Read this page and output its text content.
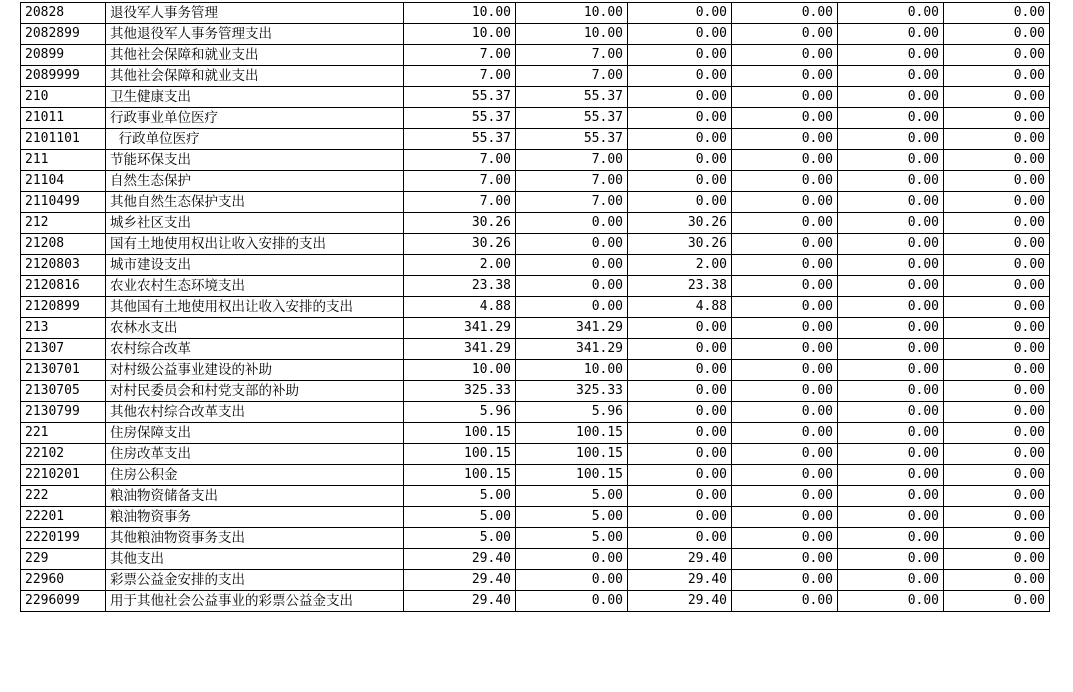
20828	退役军人事务管理	10.00	10.00	0.00	0.00	0.00	0.00
2082899	其他退役军人事务管理支出	10.00	10.00	0.00	0.00	0.00	0.00
20899	其他社会保障和就业支出	7.00	7.00	0.00	0.00	0.00	0.00
2089999	其他社会保障和就业支出	7.00	7.00	0.00	0.00	0.00	0.00
210	卫生健康支出	55.37	55.37	0.00	0.00	0.00	0.00
21011	行政事业单位医疗	55.37	55.37	0.00	0.00	0.00	0.00
2101101	行政单位医疗	55.37	55.37	0.00	0.00	0.00	0.00
211	节能环保支出	7.00	7.00	0.00	0.00	0.00	0.00
21104	自然生态保护	7.00	7.00	0.00	0.00	0.00	0.00
2110499	其他自然生态保护支出	7.00	7.00	0.00	0.00	0.00	0.00
212	城乡社区支出	30.26	0.00	30.26	0.00	0.00	0.00
21208	国有土地使用权出让收入安排的支出	30.26	0.00	30.26	0.00	0.00	0.00
2120803	城市建设支出	2.00	0.00	2.00	0.00	0.00	0.00
2120816	农业农村生态环境支出	23.38	0.00	23.38	0.00	0.00	0.00
2120899	其他国有土地使用权出让收入安排的支出	4.88	0.00	4.88	0.00	0.00	0.00
213	农林水支出	341.29	341.29	0.00	0.00	0.00	0.00
21307	农村综合改革	341.29	341.29	0.00	0.00	0.00	0.00
2130701	对村级公益事业建设的补助	10.00	10.00	0.00	0.00	0.00	0.00
2130705	对村民委员会和村党支部的补助	325.33	325.33	0.00	0.00	0.00	0.00
2130799	其他农村综合改革支出	5.96	5.96	0.00	0.00	0.00	0.00
221	住房保障支出	100.15	100.15	0.00	0.00	0.00	0.00
22102	住房改革支出	100.15	100.15	0.00	0.00	0.00	0.00
2210201	住房公积金	100.15	100.15	0.00	0.00	0.00	0.00
222	粮油物资储备支出	5.00	5.00	0.00	0.00	0.00	0.00
22201	粮油物资事务	5.00	5.00	0.00	0.00	0.00	0.00
2220199	其他粮油物资事务支出	5.00	5.00	0.00	0.00	0.00	0.00
229	其他支出	29.40	0.00	29.40	0.00	0.00	0.00
22960	彩票公益金安排的支出	29.40	0.00	29.40	0.00	0.00	0.00
2296099	用于其他社会公益事业的彩票公益金支出	29.40	0.00	29.40	0.00	0.00	0.00
